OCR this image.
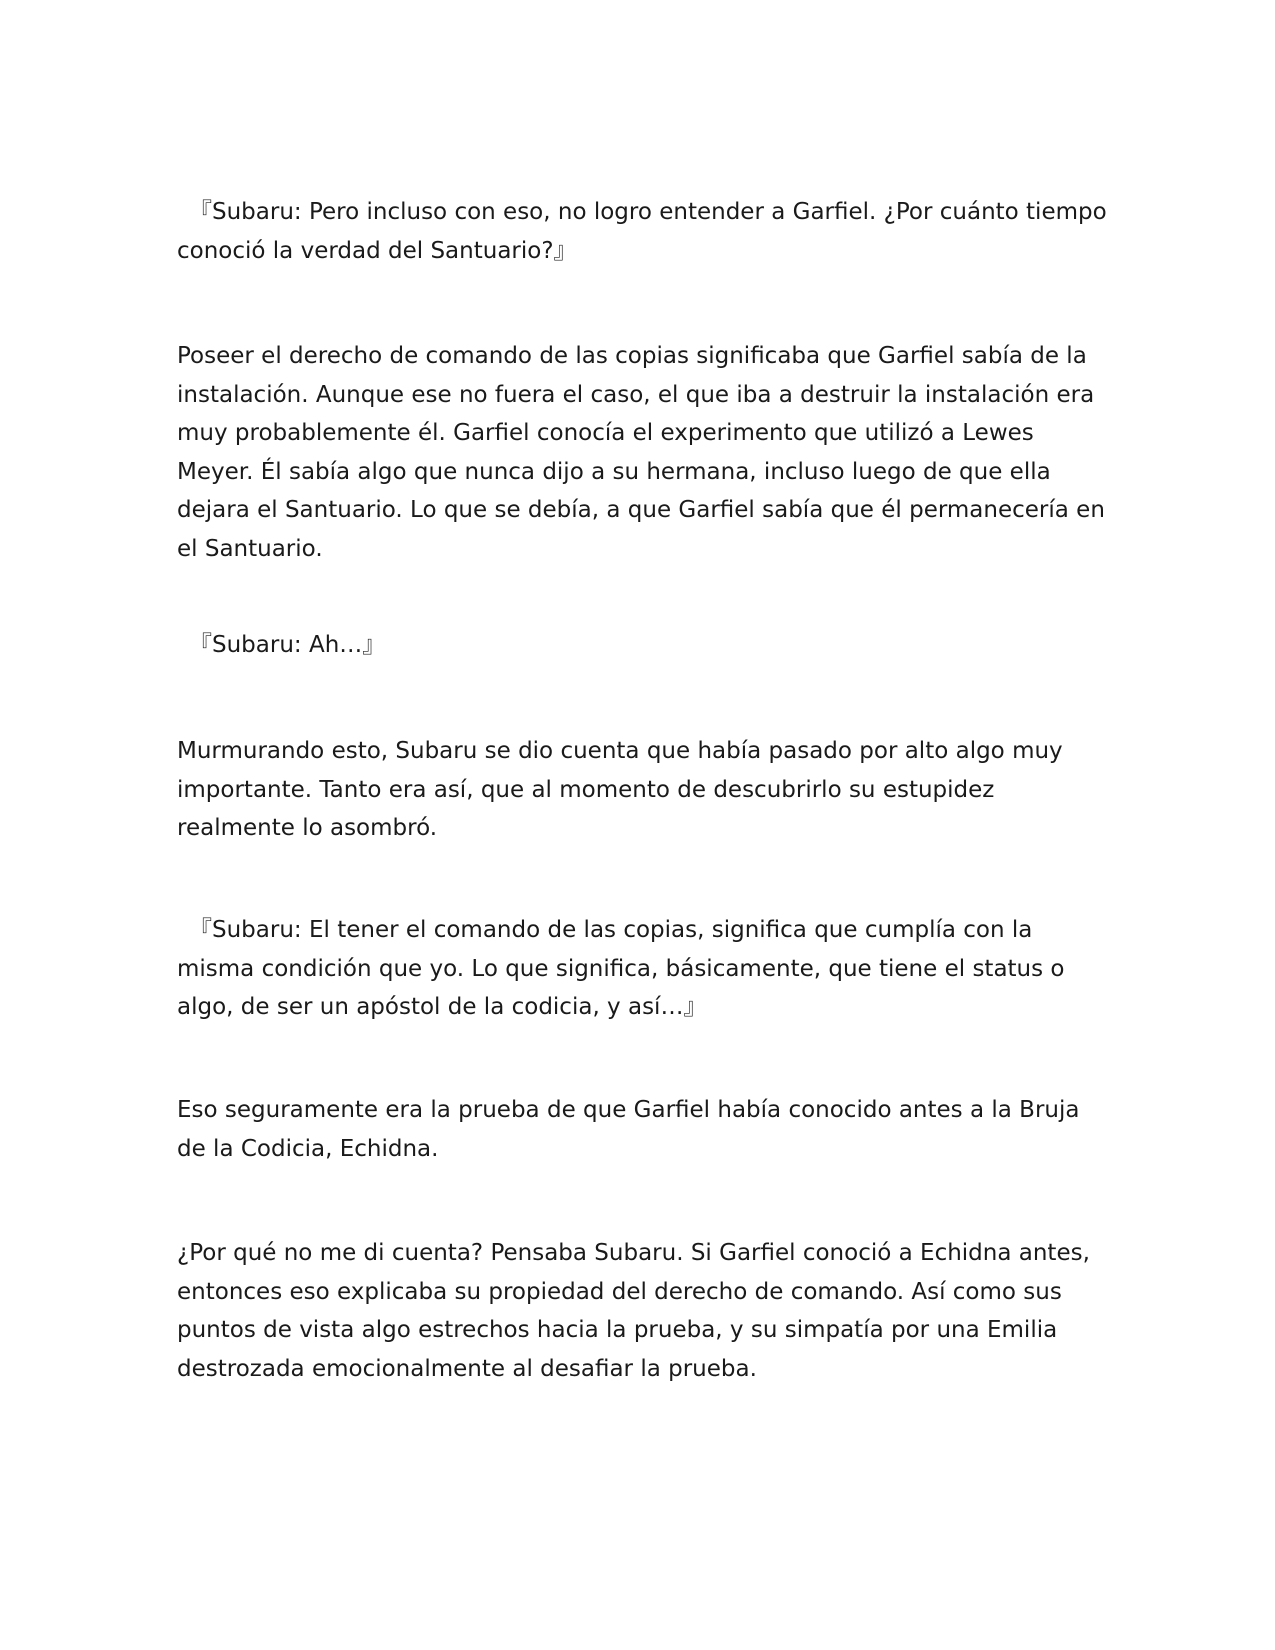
『Subaru: Pero incluso con eso, no logro entender a Garfiel. ¿Por cuánto tiempo conoció la verdad del Santuario?』

Poseer el derecho de comando de las copias significaba que Garfiel sabía de la instalación. Aunque ese no fuera el caso, el que iba a destruir la instalación era muy probablemente él. Garfiel conocía el experimento que utilizó a Lewes Meyer. Él sabía algo que nunca dijo a su hermana, incluso luego de que ella dejara el Santuario. Lo que se debía, a que Garfiel sabía que él permanecería en el Santuario.

『Subaru: Ah…』

Murmurando esto, Subaru se dio cuenta que había pasado por alto algo muy importante. Tanto era así, que al momento de descubrirlo su estupidez realmente lo asombró.

『Subaru: El tener el comando de las copias, significa que cumplía con la misma condición que yo. Lo que significa, básicamente, que tiene el status o algo, de ser un apóstol de la codicia, y así…』

Eso seguramente era la prueba de que Garfiel había conocido antes a la Bruja de la Codicia, Echidna.

¿Por qué no me di cuenta? Pensaba Subaru. Si Garfiel conoció a Echidna antes, entonces eso explicaba su propiedad del derecho de comando. Así como sus puntos de vista algo estrechos hacia la prueba, y su simpatía por una Emilia destrozada emocionalmente al desafiar la prueba.
